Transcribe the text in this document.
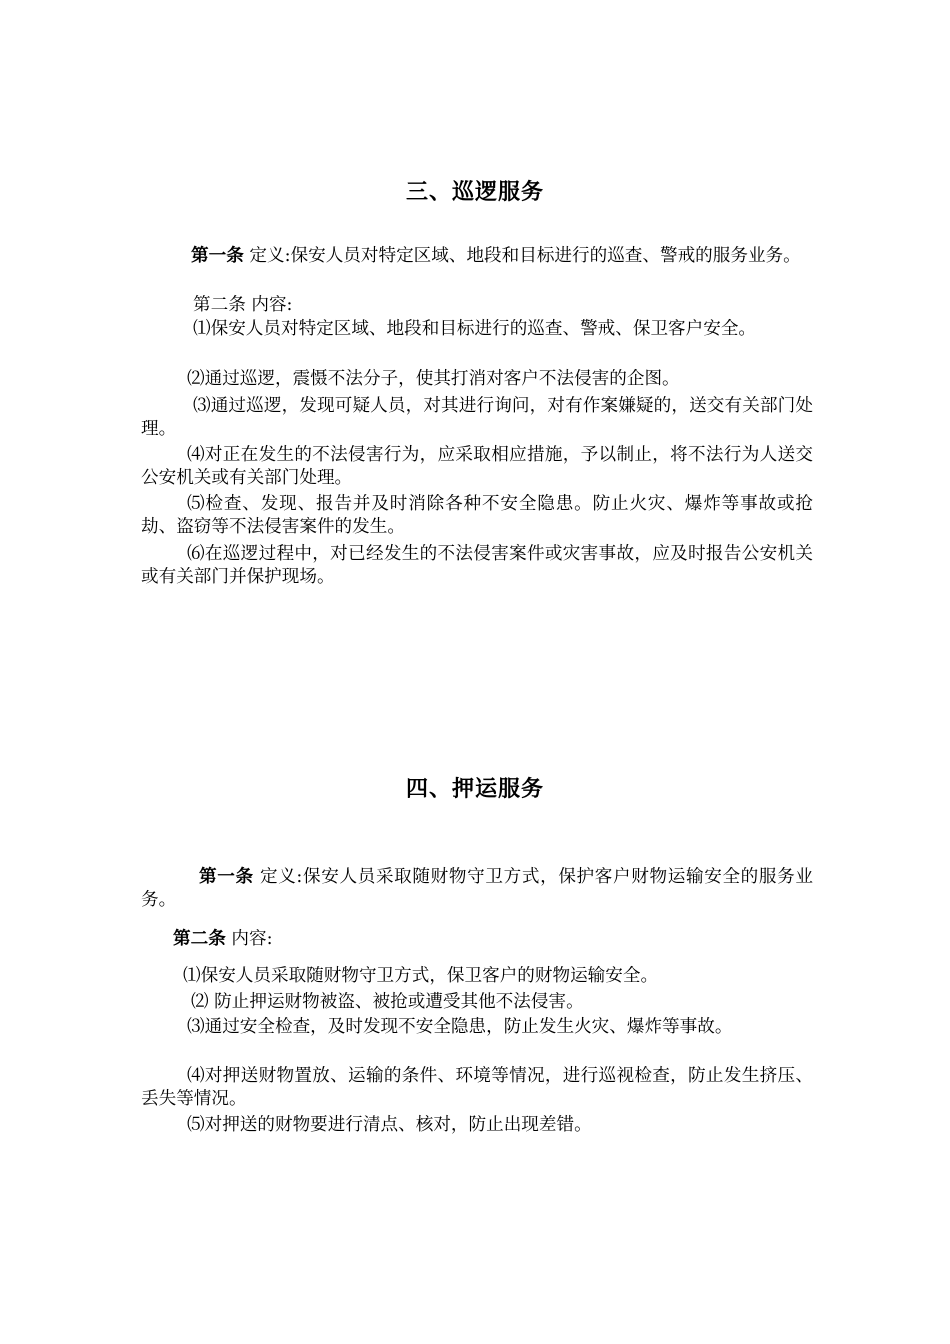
三、巡逻服务

第一条 定义:保安人员对特定区域、地段和目标进行的巡查、警戒的服务业务。

第二条 内容:

⑴保安人员对特定区域、地段和目标进行的巡查、警戒、保卫客户安全。

⑵通过巡逻，震慑不法分子，使其打消对客户不法侵害的企图。

⑶通过巡逻，发现可疑人员，对其进行询问，对有作案嫌疑的，送交有关部门处理。

⑷对正在发生的不法侵害行为，应采取相应措施，予以制止，将不法行为人送交公安机关或有关部门处理。

⑸检查、发现、报告并及时消除各种不安全隐患。防止火灾、爆炸等事故或抢劫、盗窃等不法侵害案件的发生。

⑹在巡逻过程中，对已经发生的不法侵害案件或灾害事故，应及时报告公安机关或有关部门并保护现场。

四、押运服务

第一条 定义:保安人员采取随财物守卫方式，保护客户财物运输安全的服务业务。

第二条 内容:

⑴保安人员采取随财物守卫方式，保卫客户的财物运输安全。

⑵ 防止押运财物被盗、被抢或遭受其他不法侵害。

⑶通过安全检查，及时发现不安全隐患，防止发生火灾、爆炸等事故。

⑷对押送财物置放、运输的条件、环境等情况，进行巡视检查，防止发生挤压、丢失等情况。

⑸对押送的财物要进行清点、核对，防止出现差错。
